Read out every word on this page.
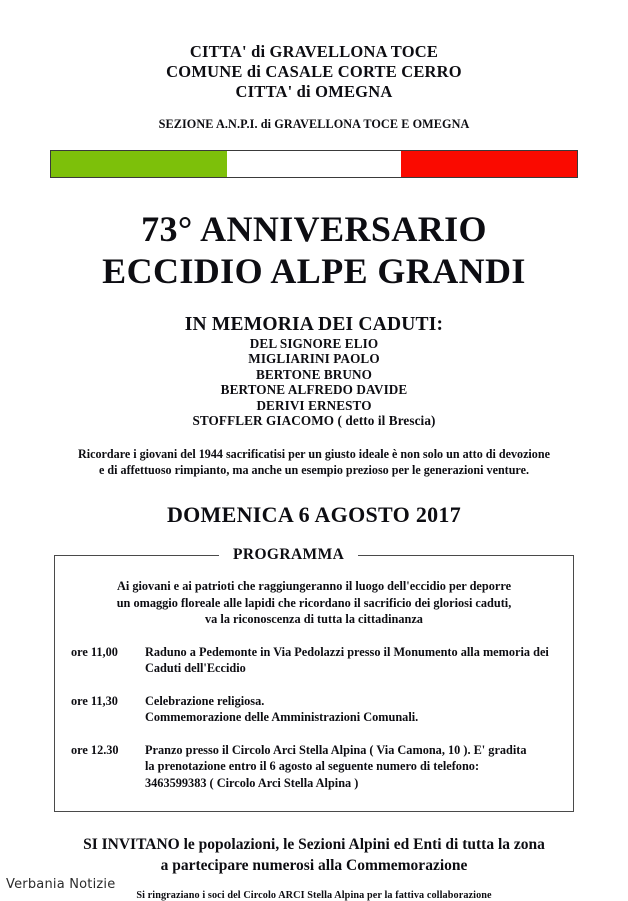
CITTA' di GRAVELLONA TOCE
COMUNE di CASALE CORTE CERRO
CITTA' di OMEGNA
SEZIONE A.N.P.I. di GRAVELLONA TOCE E OMEGNA
73° ANNIVERSARIO
ECCIDIO ALPE GRANDI
IN MEMORIA DEI CADUTI:
DEL SIGNORE ELIO
MIGLIARINI PAOLO
BERTONE BRUNO
BERTONE ALFREDO DAVIDE
DERIVI ERNESTO
STOFFLER GIACOMO ( detto il Brescia)
Ricordare i giovani del 1944 sacrificatisi per un giusto ideale è non solo un atto di devozione
e di affettuoso rimpianto, ma anche un esempio prezioso per le generazioni venture.
DOMENICA 6 AGOSTO 2017
PROGRAMMA
Ai giovani e ai patrioti che raggiungeranno il luogo dell'eccidio per deporre
un omaggio floreale alle lapidi che ricordano il sacrificio dei gloriosi caduti,
va la riconoscenza di tutta la cittadinanza
ore 11,00	Raduno a Pedemonte in Via Pedolazzi presso il Monumento alla memoria dei
Caduti dell'Eccidio
ore 11,30	Celebrazione religiosa.
Commemorazione delle Amministrazioni Comunali.
ore 12.30	Pranzo presso il Circolo Arci Stella Alpina ( Via Camona, 10 ). E' gradita
la prenotazione entro il 6 agosto al seguente numero di telefono:
3463599383 ( Circolo Arci Stella Alpina )
SI INVITANO le popolazioni, le Sezioni Alpini ed Enti di tutta la zona
a partecipare numerosi alla Commemorazione
Si ringraziano i soci del Circolo ARCI Stella Alpina per la fattiva collaborazione
Verbania Notizie
